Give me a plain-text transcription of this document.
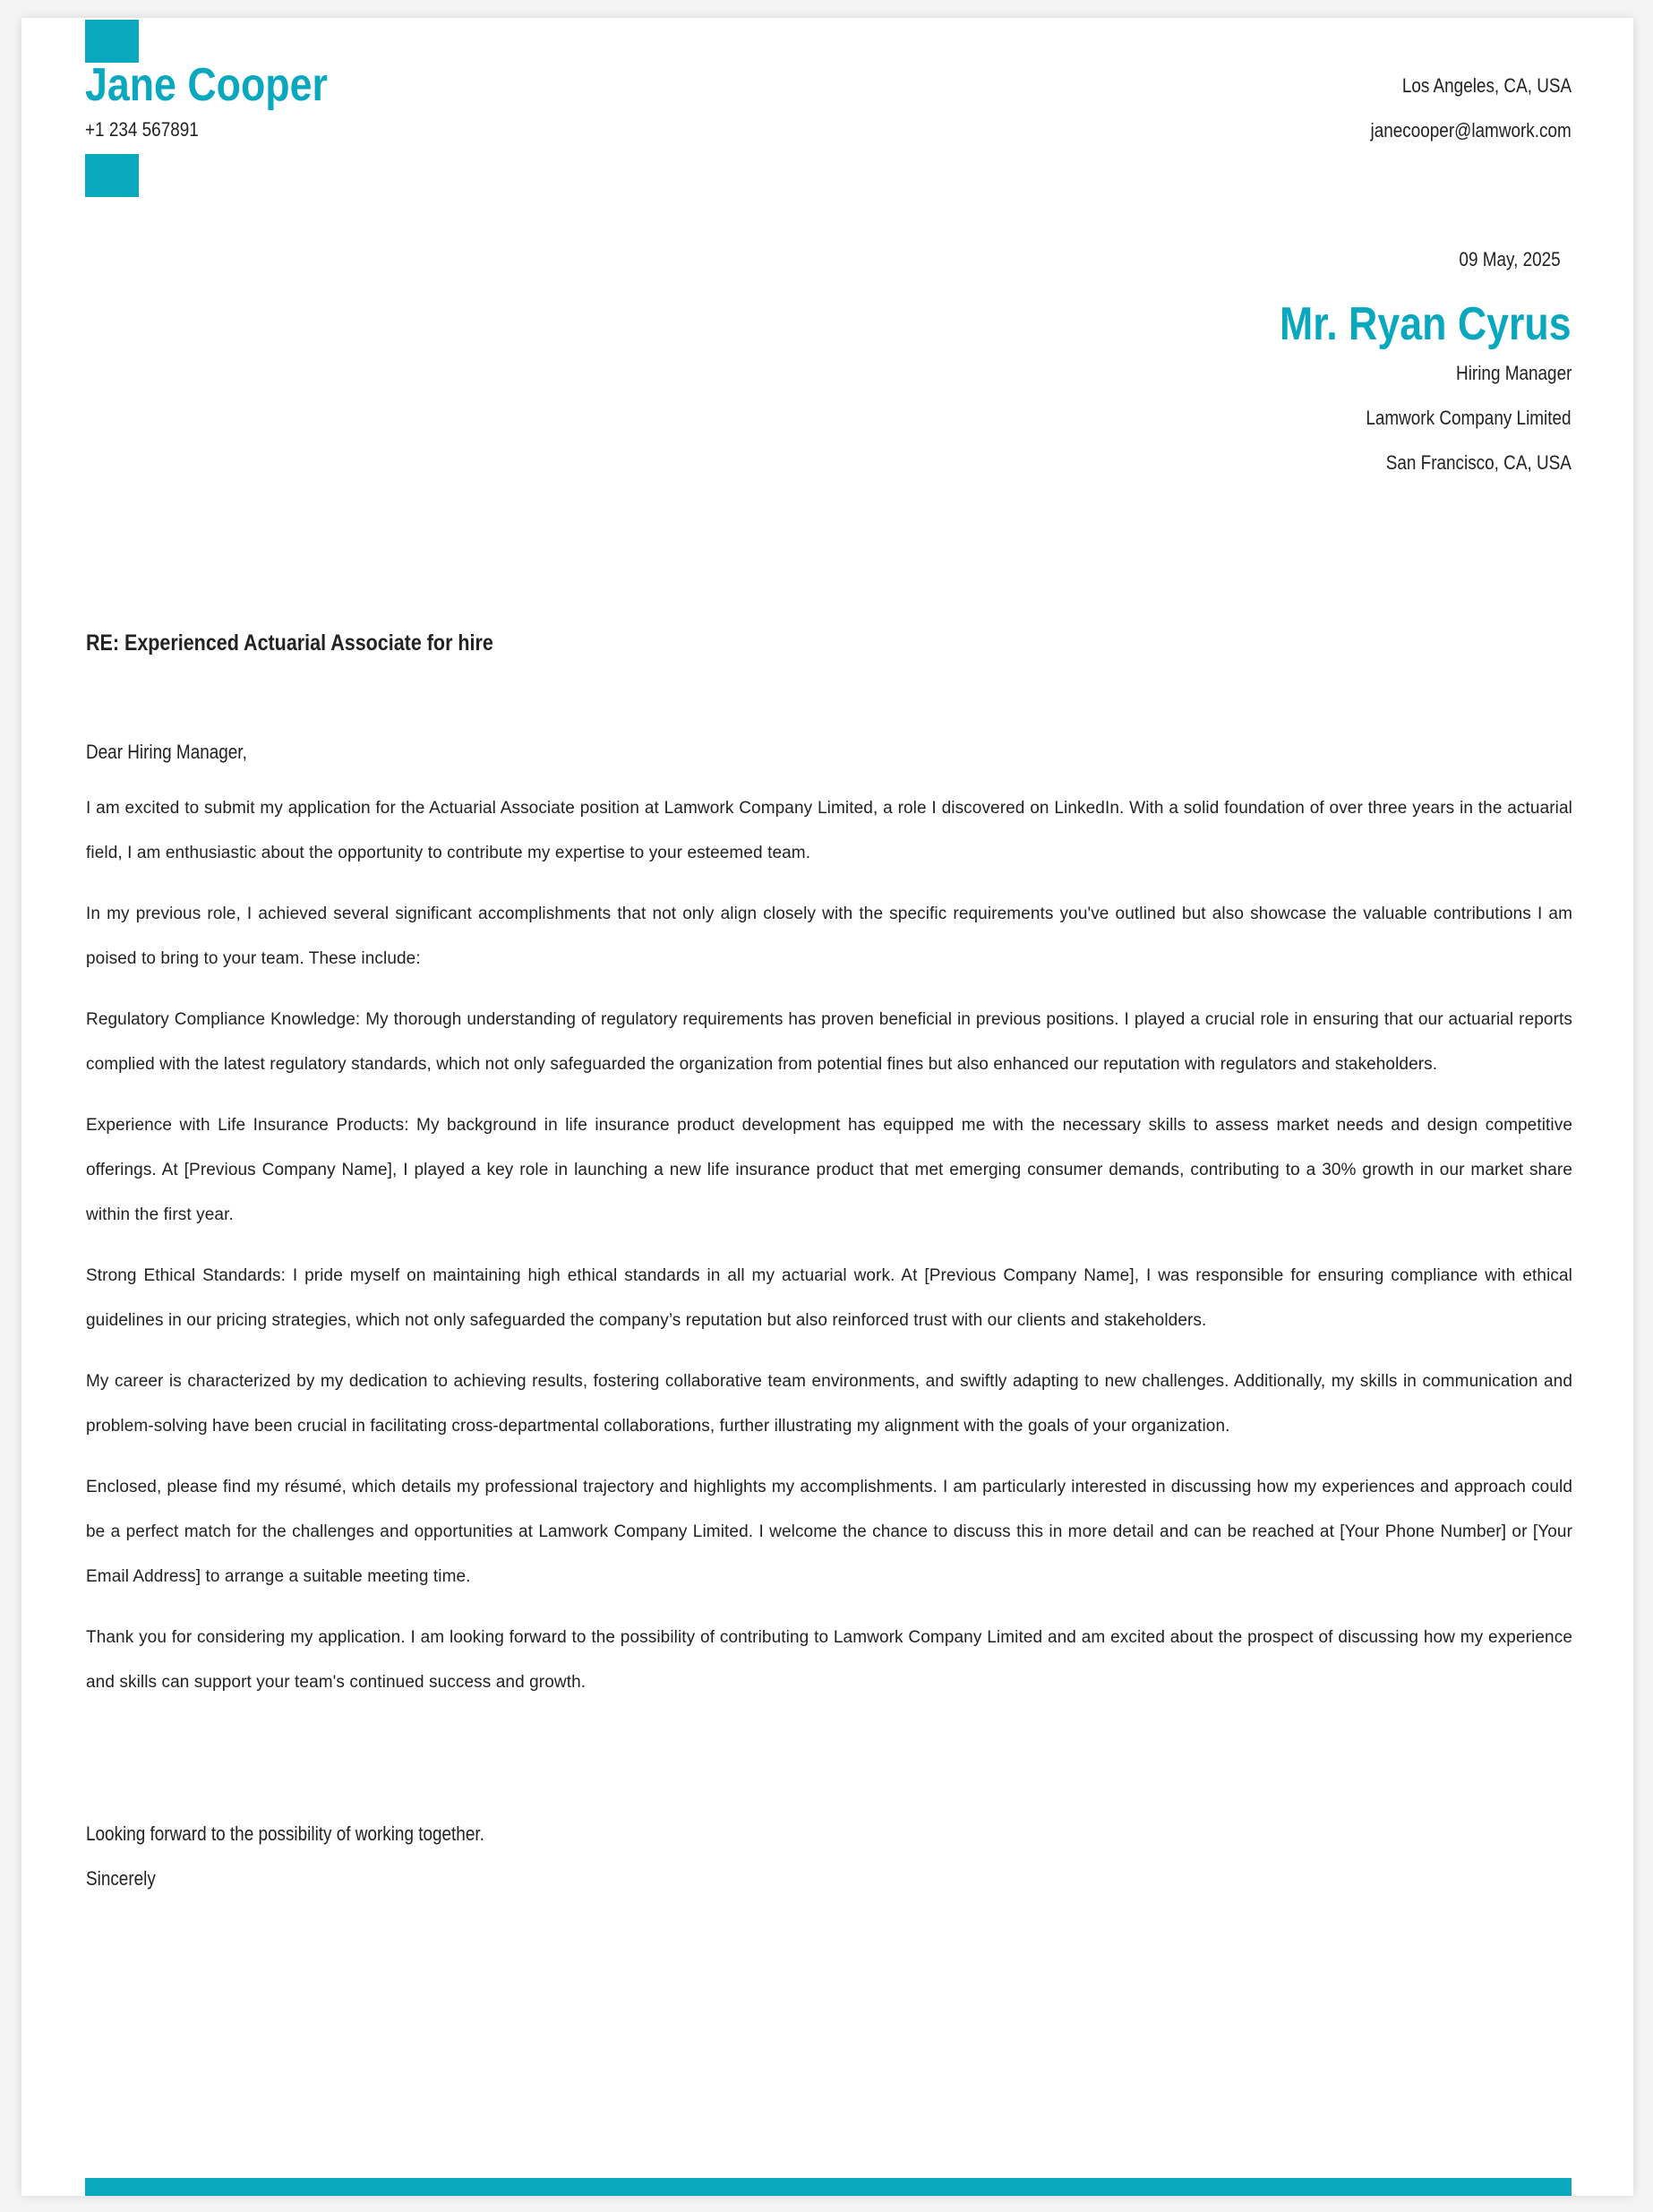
Jane Cooper
+1 234 567891
Los Angeles, CA, USA
janecooper@lamwork.com
09 May, 2025
Mr. Ryan Cyrus
Hiring Manager
Lamwork Company Limited
San Francisco, CA, USA
RE: Experienced Actuarial Associate for hire
Dear Hiring Manager,

I am excited to submit my application for the Actuarial Associate position at Lamwork Company Limited, a role I discovered on LinkedIn. With a solid foundation of over three years in the actuarial field, I am enthusiastic about the opportunity to contribute my expertise to your esteemed team.

In my previous role, I achieved several significant accomplishments that not only align closely with the specific requirements you've outlined but also showcase the valuable contributions I am poised to bring to your team. These include:

Regulatory Compliance Knowledge: My thorough understanding of regulatory requirements has proven beneficial in previous positions. I played a crucial role in ensuring that our actuarial reports complied with the latest regulatory standards, which not only safeguarded the organization from potential fines but also enhanced our reputation with regulators and stakeholders.

Experience with Life Insurance Products: My background in life insurance product development has equipped me with the necessary skills to assess market needs and design competitive offerings. At [Previous Company Name], I played a key role in launching a new life insurance product that met emerging consumer demands, contributing to a 30% growth in our market share within the first year.

Strong Ethical Standards: I pride myself on maintaining high ethical standards in all my actuarial work. At [Previous Company Name], I was responsible for ensuring compliance with ethical guidelines in our pricing strategies, which not only safeguarded the company’s reputation but also reinforced trust with our clients and stakeholders.

My career is characterized by my dedication to achieving results, fostering collaborative team environments, and swiftly adapting to new challenges. Additionally, my skills in communication and problem-solving have been crucial in facilitating cross-departmental collaborations, further illustrating my alignment with the goals of your organization.

Enclosed, please find my résumé, which details my professional trajectory and highlights my accomplishments. I am particularly interested in discussing how my experiences and approach could be a perfect match for the challenges and opportunities at Lamwork Company Limited. I welcome the chance to discuss this in more detail and can be reached at [Your Phone Number] or [Your Email Address] to arrange a suitable meeting time.

Thank you for considering my application. I am looking forward to the possibility of contributing to Lamwork Company Limited and am excited about the prospect of discussing how my experience and skills can support your team's continued success and growth.

Looking forward to the possibility of working together.
Sincerely
